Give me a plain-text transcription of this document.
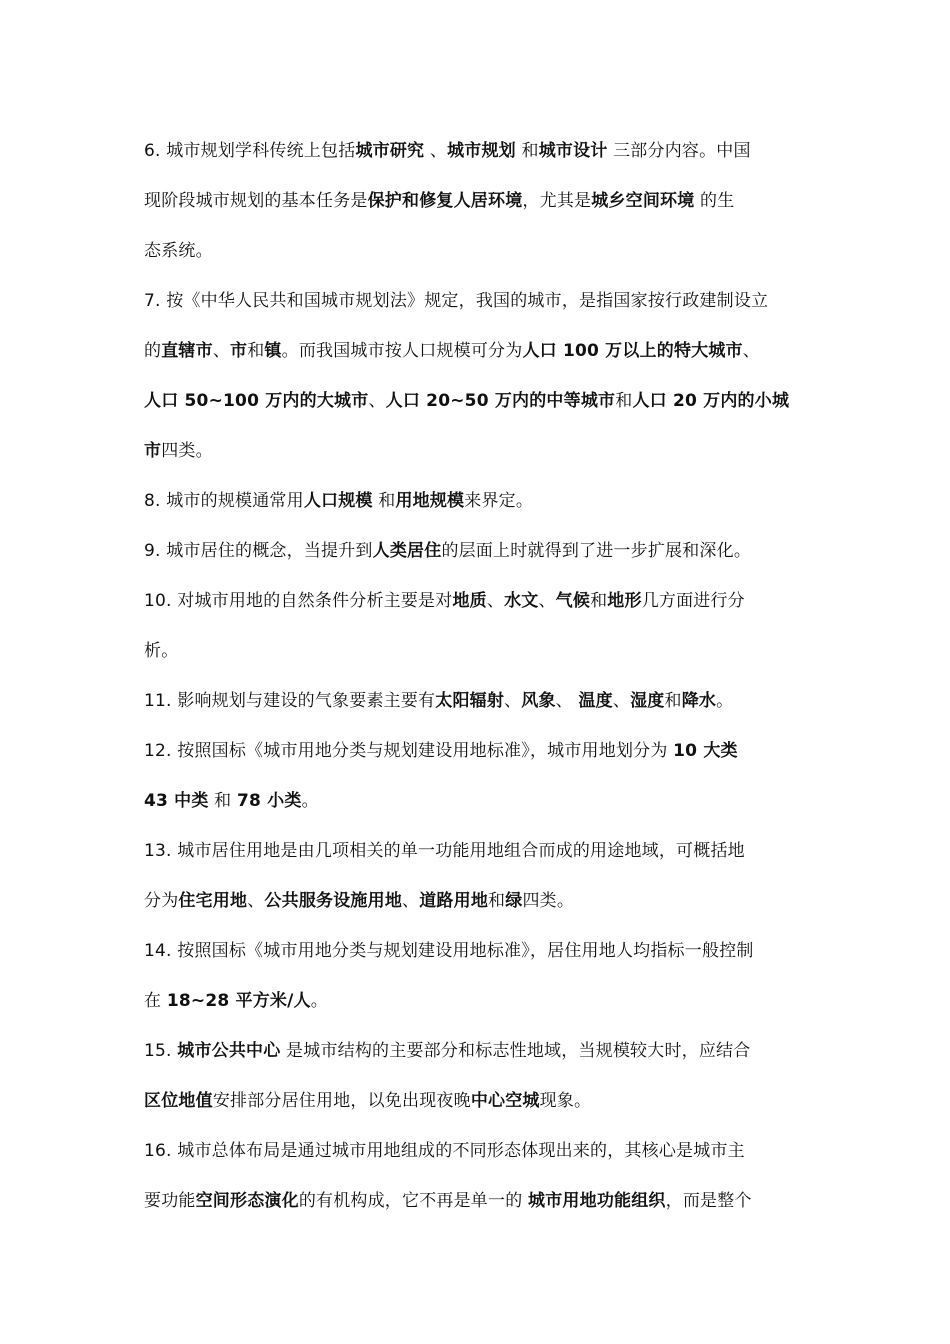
6. 城市规划学科传统上包括城市研究 、城市规划 和城市设计 三部分内容。中国
现阶段城市规划的基本任务是保护和修复人居环境，尤其是城乡空间环境 的生
态系统。
7. 按《中华人民共和国城市规划法》规定，我国的城市，是指国家按行政建制设立
的直辖市、市和镇。而我国城市按人口规模可分为人口 100 万以上的特大城市、
人口 50~100 万内的大城市、人口 20~50 万内的中等城市和人口 20 万内的小城
市四类。
8. 城市的规模通常用人口规模 和用地规模来界定。
9. 城市居住的概念，当提升到人类居住的层面上时就得到了进一步扩展和深化。
10. 对城市用地的自然条件分析主要是对地质、水文、气候和地形几方面进行分
析。
11. 影响规划与建设的气象要素主要有太阳辐射、风象、 温度、湿度和降水。
12. 按照国标《城市用地分类与规划建设用地标准》，城市用地划分为 10 大类
43 中类 和 78 小类。
13. 城市居住用地是由几项相关的单一功能用地组合而成的用途地域，可概括地
分为住宅用地、公共服务设施用地、道路用地和绿四类。
14. 按照国标《城市用地分类与规划建设用地标准》，居住用地人均指标一般控制
在 18~28 平方米/人。
15. 城市公共中心 是城市结构的主要部分和标志性地域，当规模较大时，应结合
区位地值安排部分居住用地，以免出现夜晚中心空城现象。
16. 城市总体布局是通过城市用地组成的不同形态体现出来的，其核心是城市主
要功能空间形态演化的有机构成，它不再是单一的 城市用地功能组织，而是整个
